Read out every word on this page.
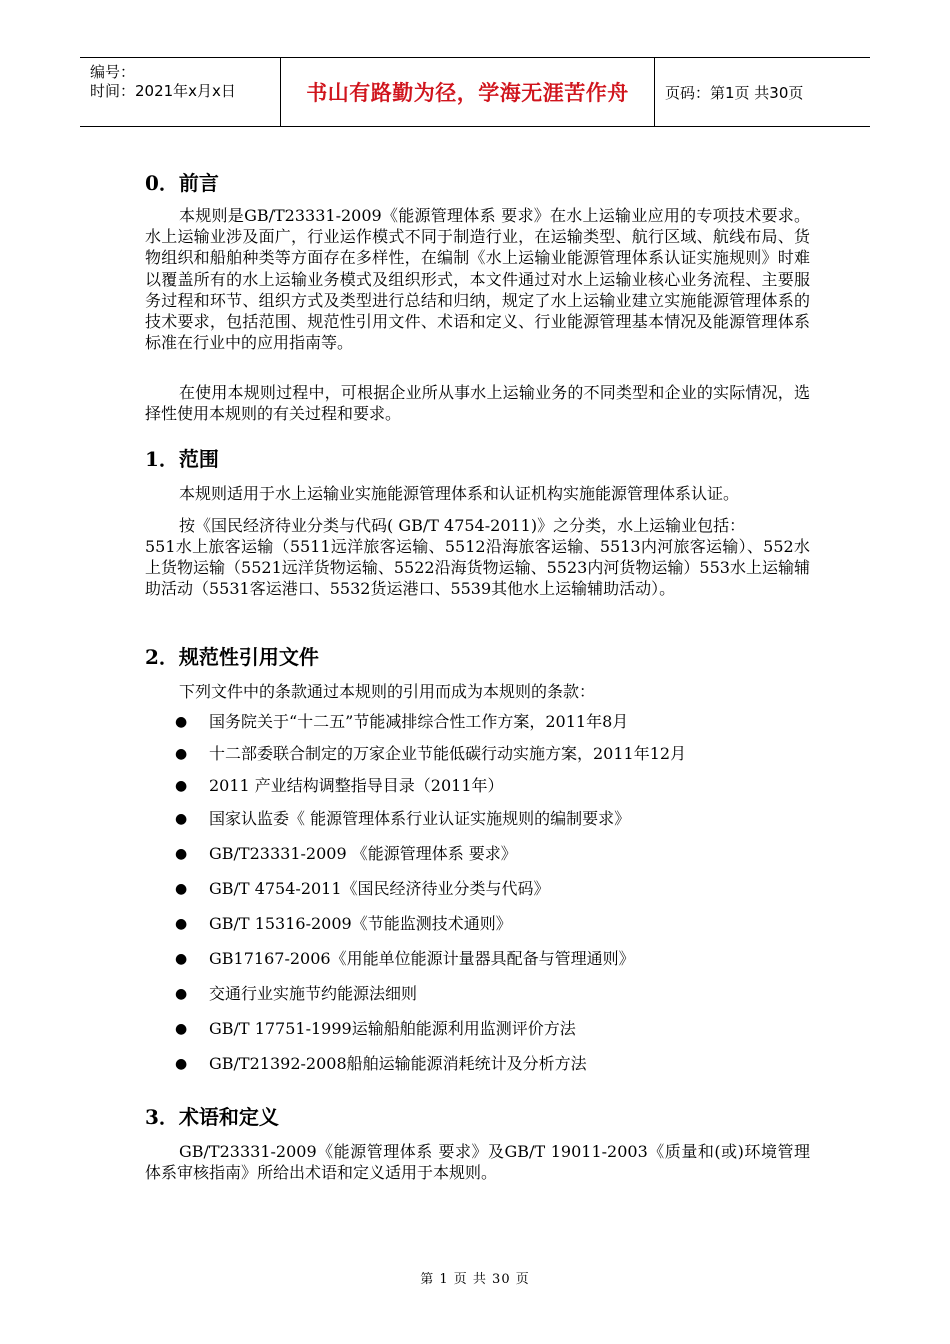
编号：
时间：2021年x月x日	书山有路勤为径，学海无涯苦作舟 页码：第1页 共30页
0．前言

本规则是GB/T23331-2009《能源管理体系 要求》在水上运输业应用的专项技术要求。水上运输业涉及面广，行业运作模式不同于制造行业，在运输类型、航行区域、航线布局、货物组织和船舶种类等方面存在多样性，在编制《水上运输业能源管理体系认证实施规则》时难以覆盖所有的水上运输业务模式及组织形式，本文件通过对水上运输业核心业务流程、主要服务过程和环节、组织方式及类型进行总结和归纳，规定了水上运输业建立实施能源管理体系的技术要求，包括范围、规范性引用文件、术语和定义、行业能源管理基本情况及能源管理体系标准在行业中的应用指南等。

在使用本规则过程中，可根据企业所从事水上运输业务的不同类型和企业的实际情况，选择性使用本规则的有关过程和要求。

1．范围

本规则适用于水上运输业实施能源管理体系和认证机构实施能源管理体系认证。

按《国民经济待业分类与代码( GB/T 4754-2011)》之分类，水上运输业包括：

551水上旅客运输（5511远洋旅客运输、5512沿海旅客运输、5513内河旅客运输）、552水上货物运输（5521远洋货物运输、5522沿海货物运输、5523内河货物运输）553水上运输辅助活动（5531客运港口、5532货运港口、5539其他水上运输辅助活动）。

2．规范性引用文件

下列文件中的条款通过本规则的引用而成为本规则的条款：

● 国务院关于“十二五”节能减排综合性工作方案，2011年8月
● 十二部委联合制定的万家企业节能低碳行动实施方案，2011年12月
● 2011 产业结构调整指导目录（2011年）
● 国家认监委《 能源管理体系行业认证实施规则的编制要求》
● GB/T23331-2009 《能源管理体系 要求》
● GB/T 4754-2011《国民经济待业分类与代码》
● GB/T 15316-2009《节能监测技术通则》
● GB17167-2006《用能单位能源计量器具配备与管理通则》
● 交通行业实施节约能源法细则
● GB/T 17751-1999运输船舶能源利用监测评价方法
● GB/T21392-2008船舶运输能源消耗统计及分析方法
3．术语和定义

GB/T23331-2009《能源管理体系 要求》及GB/T 19011-2003《质量和(或)环境管理体系审核指南》所给出术语和定义适用于本规则。

第 1 页 共 30 页
